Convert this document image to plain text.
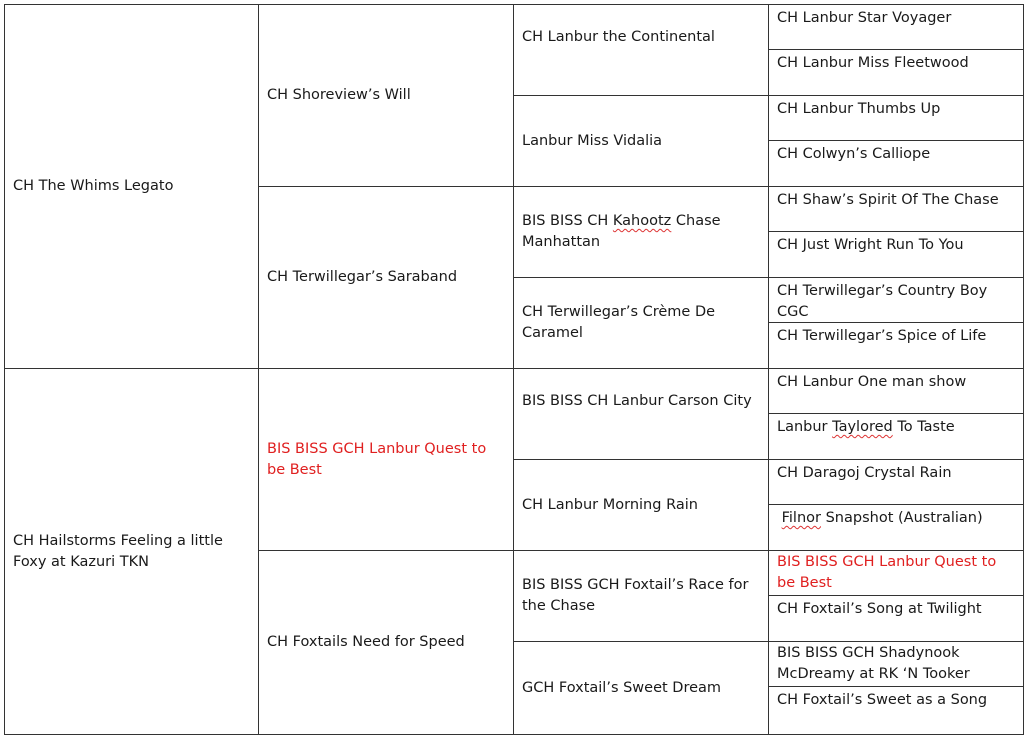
CH The Whims Legato
CH Hailstorms Feeling a little Foxy at Kazuri TKN
CH Shoreview’s Will
CH Terwillegar’s Saraband
BIS BISS GCH Lanbur Quest to be Best
CH Foxtails Need for Speed
CH Lanbur the Continental
Lanbur Miss Vidalia
BIS BISS CH Kahootz Chase Manhattan
CH Terwillegar’s Crème De Caramel
BIS BISS CH Lanbur Carson City
CH Lanbur Morning Rain
BIS BISS GCH Foxtail’s Race for the Chase
GCH Foxtail’s Sweet Dream
CH Lanbur Star Voyager
CH Lanbur Miss Fleetwood
CH Lanbur Thumbs Up
CH Colwyn’s Calliope
CH Shaw’s Spirit Of The Chase
CH Just Wright Run To You
CH Terwillegar’s Country Boy CGC
CH Terwillegar’s Spice of Life
CH Lanbur One man show
Lanbur Taylored To Taste
CH Daragoj Crystal Rain
Filnor Snapshot (Australian)
BIS BISS GCH Lanbur Quest to be Best
CH Foxtail’s Song at Twilight
BIS BISS GCH Shadynook McDreamy at RK ‘N Tooker
CH Foxtail’s Sweet as a Song
